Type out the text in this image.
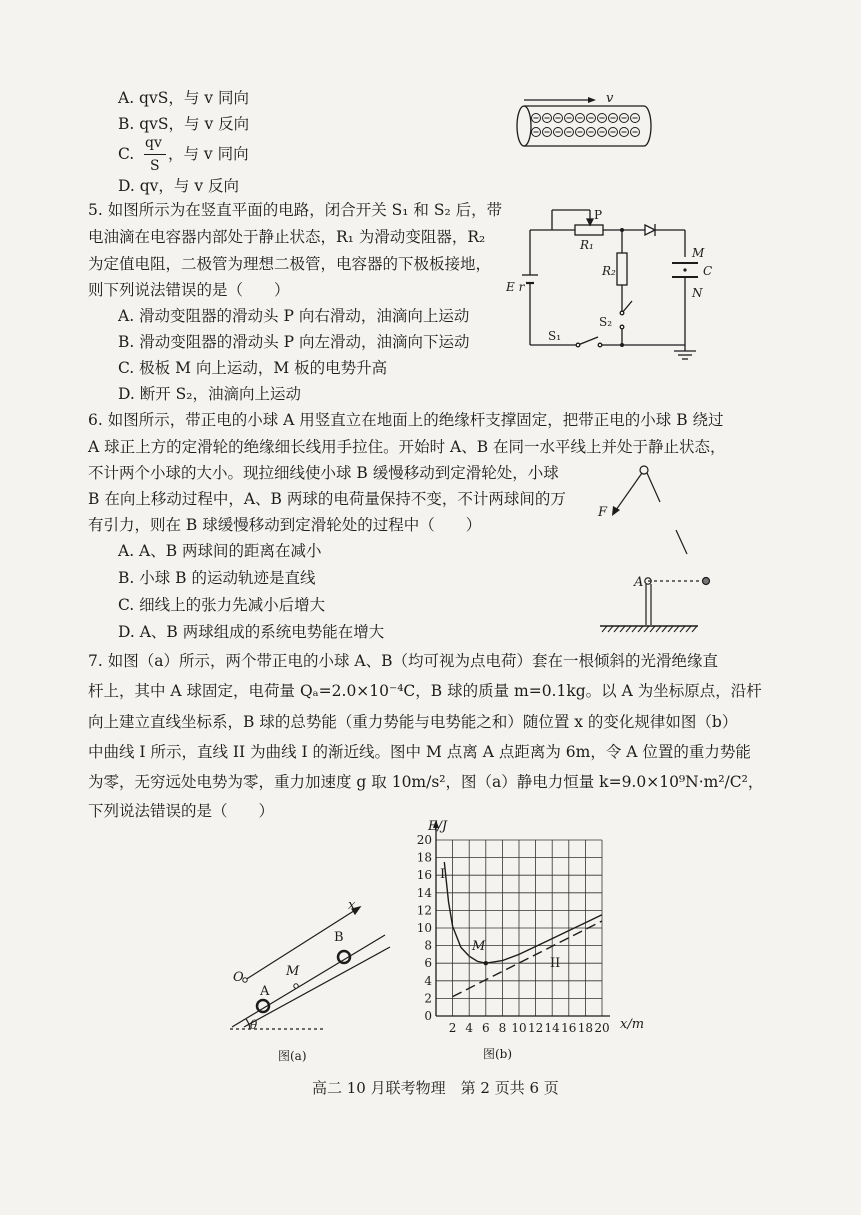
A. qvS，与 v 同向
B. qvS，与 v 反向
C.
qv
S
，与 v 同向
D. qv，与 v 反向
v
5. 如图所示为在竖直平面的电路，闭合开关 S₁ 和 S₂ 后，带
电油滴在电容器内部处于静止状态，R₁ 为滑动变阻器，R₂
为定值电阻，二极管为理想二极管，电容器的下极板接地，
则下列说法错误的是（　　）
A. 滑动变阻器的滑动头 P 向右滑动，油滴向上运动
B. 滑动变阻器的滑动头 P 向左滑动，油滴向下运动
C. 极板 M 向上运动，M 板的电势升高
D. 断开 S₂，油滴向上运动
P
R₁
R₂
M
C
N
E r
S₁
S₂
6. 如图所示，带正电的小球 A 用竖直立在地面上的绝缘杆支撑固定，把带正电的小球 B 绕过
A 球正上方的定滑轮的绝缘细长线用手拉住。开始时 A、B 在同一水平线上并处于静止状态，
不计两个小球的大小。现拉细线使小球 B 缓慢移动到定滑轮处，小球
B 在向上移动过程中，A、B 两球的电荷量保持不变，不计两球间的万
有引力，则在 B 球缓慢移动到定滑轮处的过程中（　　）
A. A、B 两球间的距离在减小
B. 小球 B 的运动轨迹是直线
C. 细线上的张力先减小后增大
D. A、B 两球组成的系统电势能在增大
F
A
7. 如图（a）所示，两个带正电的小球 A、B（均可视为点电荷）套在一根倾斜的光滑绝缘直
杆上，其中 A 球固定，电荷量 Qₐ=2.0×10⁻⁴C，B 球的质量 m=0.1kg。以 A 为坐标原点，沿杆
向上建立直线坐标系，B 球的总势能（重力势能与电势能之和）随位置 x 的变化规律如图（b）
中曲线 I 所示，直线 II 为曲线 I 的渐近线。图中 M 点离 A 点距离为 6m，令 A 位置的重力势能
为零，无穷远处电势为零，重力加速度 g 取 10m/s²，图（a）静电力恒量 k=9.0×10⁹N·m²/C²，
下列说法错误的是（　　）
x
B
O	M
A
θ
图(a)
0
2
4
6
8
10
12
14
16
18
20
2 4 6 8 10 12 14 16 18 20
E/J
x/m
I
II
M
图(b)
高二 10 月联考物理　第 2 页共 6 页
